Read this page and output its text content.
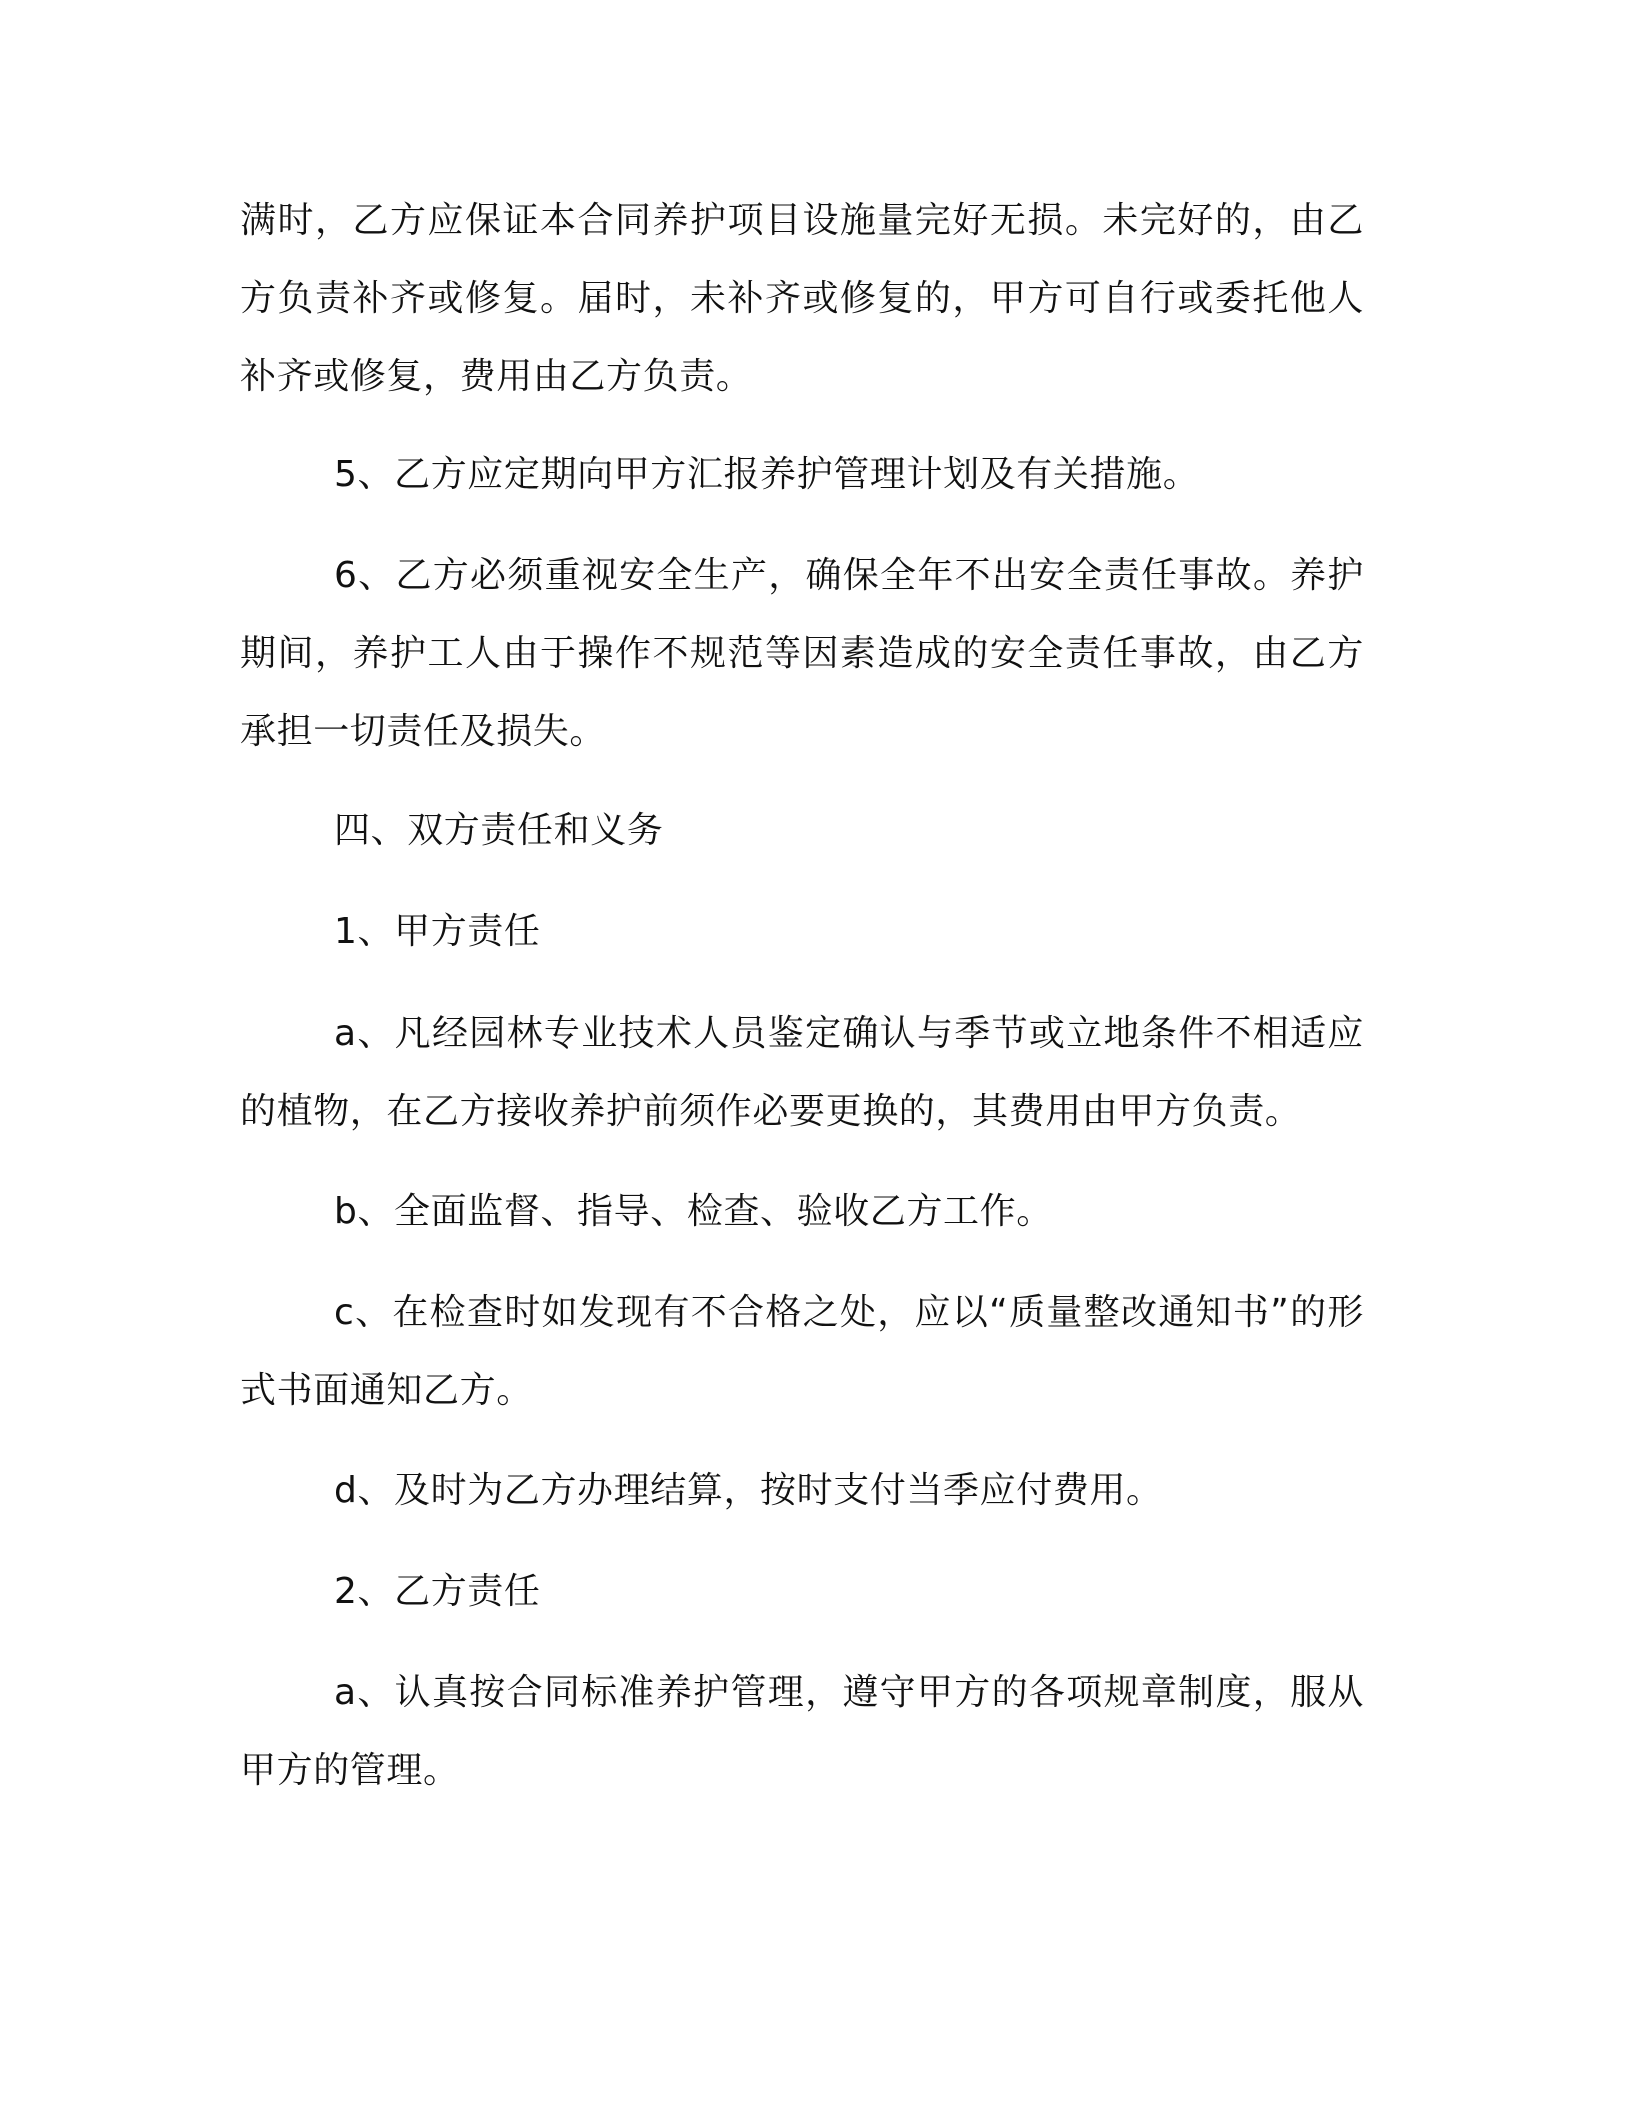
满时，乙方应保证本合同养护项目设施量完好无损。未完好的，由乙方负责补齐或修复。届时，未补齐或修复的，甲方可自行或委托他人补齐或修复，费用由乙方负责。

5、乙方应定期向甲方汇报养护管理计划及有关措施。

6、乙方必须重视安全生产，确保全年不出安全责任事故。养护期间，养护工人由于操作不规范等因素造成的安全责任事故，由乙方承担一切责任及损失。

四、双方责任和义务

1、甲方责任

a、凡经园林专业技术人员鉴定确认与季节或立地条件不相适应的植物，在乙方接收养护前须作必要更换的，其费用由甲方负责。

b、全面监督、指导、检查、验收乙方工作。

c、在检查时如发现有不合格之处，应以“质量整改通知书”的形式书面通知乙方。

d、及时为乙方办理结算，按时支付当季应付费用。

2、乙方责任

a、认真按合同标准养护管理，遵守甲方的各项规章制度，服从甲方的管理。
